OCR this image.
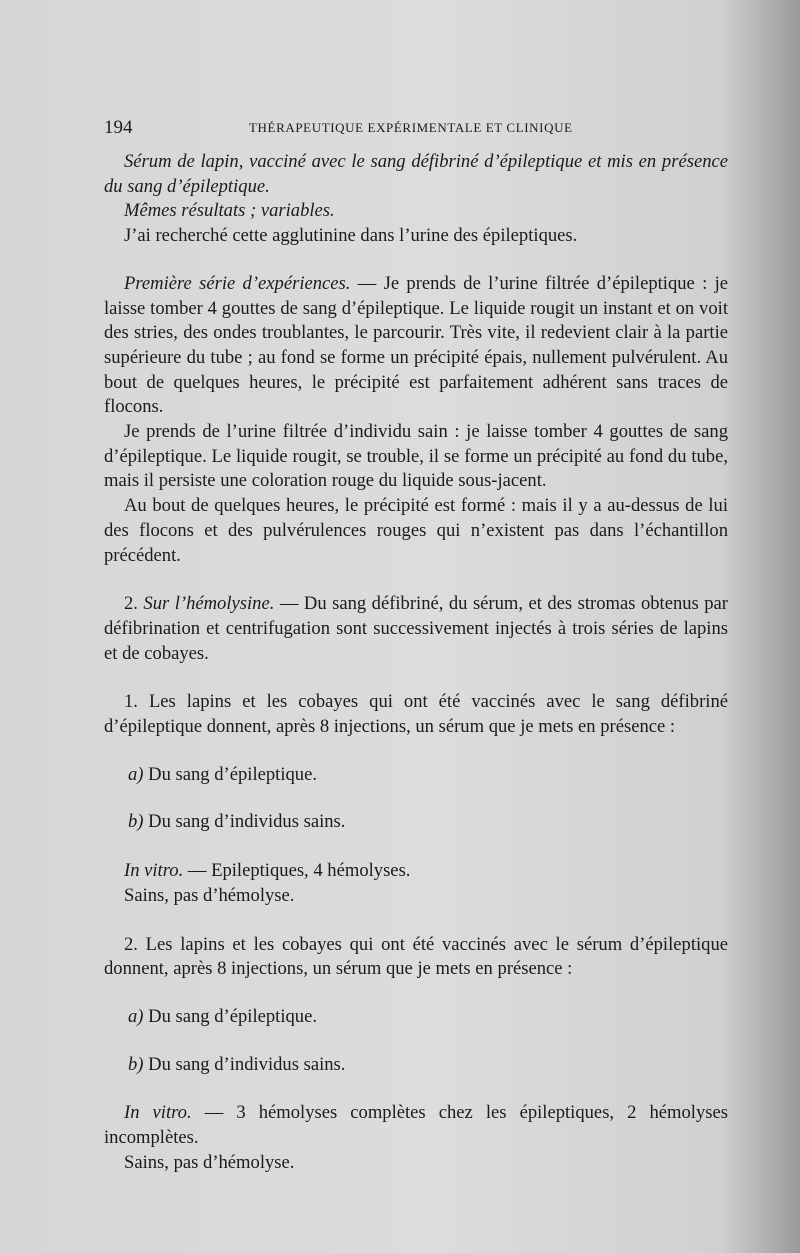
194	THÉRAPEUTIQUE EXPÉRIMENTALE ET CLINIQUE

Sérum de lapin, vacciné avec le sang défibriné d’épileptique et mis en présence du sang d’épileptique.

Mêmes résultats ; variables.

J’ai recherché cette agglutinine dans l’urine des épileptiques.

Première série d’expériences. — Je prends de l’urine filtrée d’épileptique : je laisse tomber 4 gouttes de sang d’épileptique. Le liquide rougit un instant et on voit des stries, des ondes troublantes, le parcourir. Très vite, il redevient clair à la partie supérieure du tube ; au fond se forme un précipité épais, nullement pulvérulent. Au bout de quelques heures, le précipité est parfaitement adhérent sans traces de flocons.

Je prends de l’urine filtrée d’individu sain : je laisse tomber 4 gouttes de sang d’épileptique. Le liquide rougit, se trouble, il se forme un précipité au fond du tube, mais il persiste une coloration rouge du liquide sous-jacent.

Au bout de quelques heures, le précipité est formé : mais il y a au-dessus de lui des flocons et des pulvérulences rouges qui n’existent pas dans l’échantillon précédent.

2. Sur l’hémolysine. — Du sang défibriné, du sérum, et des stromas obtenus par défibrination et centrifugation sont successivement injectés à trois séries de lapins et de cobayes.

1. Les lapins et les cobayes qui ont été vaccinés avec le sang défibriné d’épileptique donnent, après 8 injections, un sérum que je mets en présence :

a) Du sang d’épileptique.

b) Du sang d’individus sains.

In vitro. — Epileptiques, 4 hémolyses.

Sains, pas d’hémolyse.

2. Les lapins et les cobayes qui ont été vaccinés avec le sérum d’épileptique donnent, après 8 injections, un sérum que je mets en présence :

a) Du sang d’épileptique.

b) Du sang d’individus sains.

In vitro. — 3 hémolyses complètes chez les épileptiques, 2 hémolyses incomplètes.

Sains, pas d’hémolyse.
